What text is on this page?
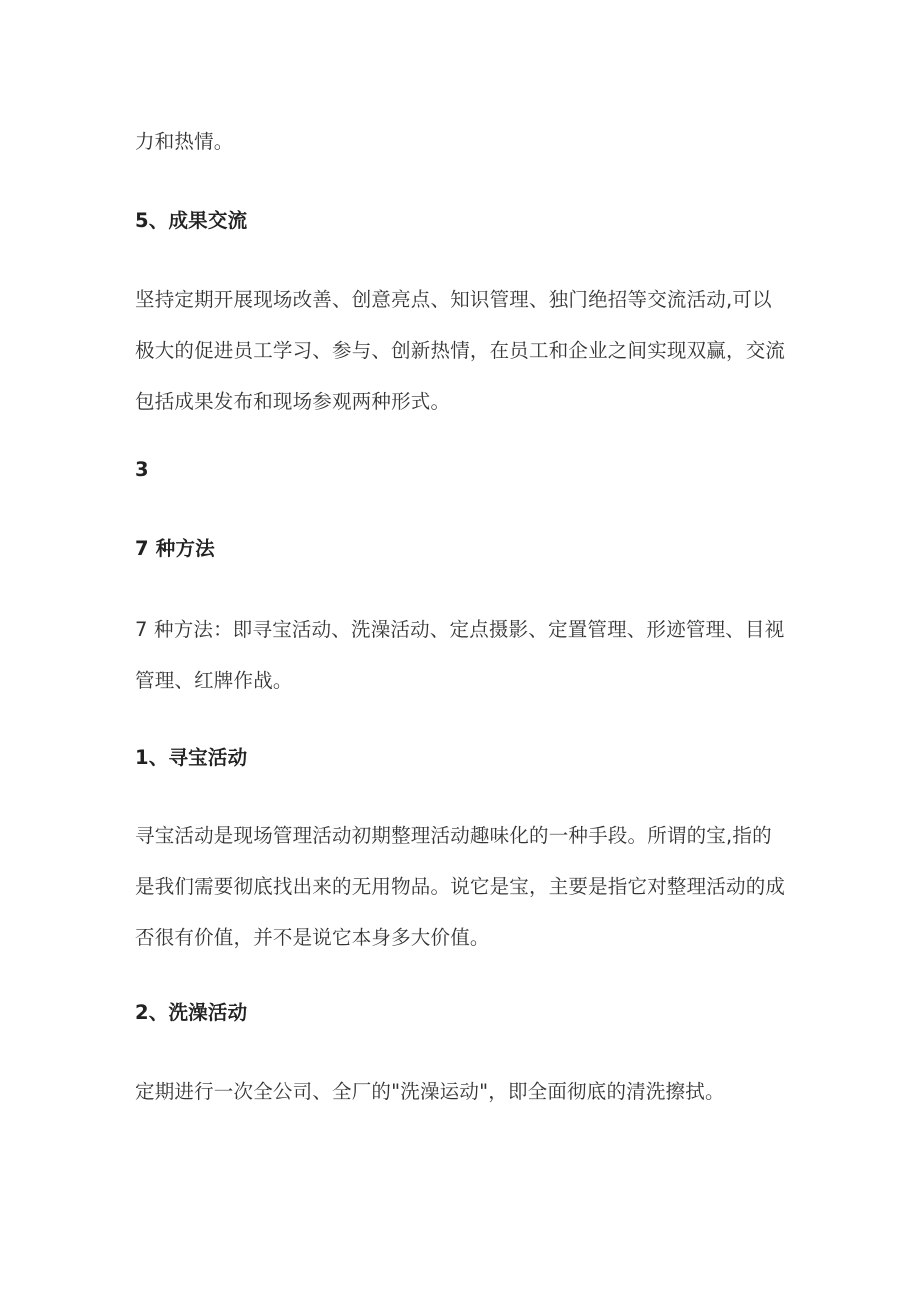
力和热情。
5、成果交流
坚持定期开展现场改善、创意亮点、知识管理、独门绝招等交流活动,可以
极大的促进员工学习、参与、创新热情，在员工和企业之间实现双赢，交流
包括成果发布和现场参观两种形式。
3
7 种方法
7 种方法：即寻宝活动、洗澡活动、定点摄影、定置管理、形迹管理、目视
管理、红牌作战。
1、寻宝活动
寻宝活动是现场管理活动初期整理活动趣味化的一种手段。所谓的宝,指的
是我们需要彻底找出来的无用物品。说它是宝，主要是指它对整理活动的成
否很有价值，并不是说它本身多大价值。
2、洗澡活动
定期进行一次全公司、全厂的"洗澡运动"，即全面彻底的清洗擦拭。
